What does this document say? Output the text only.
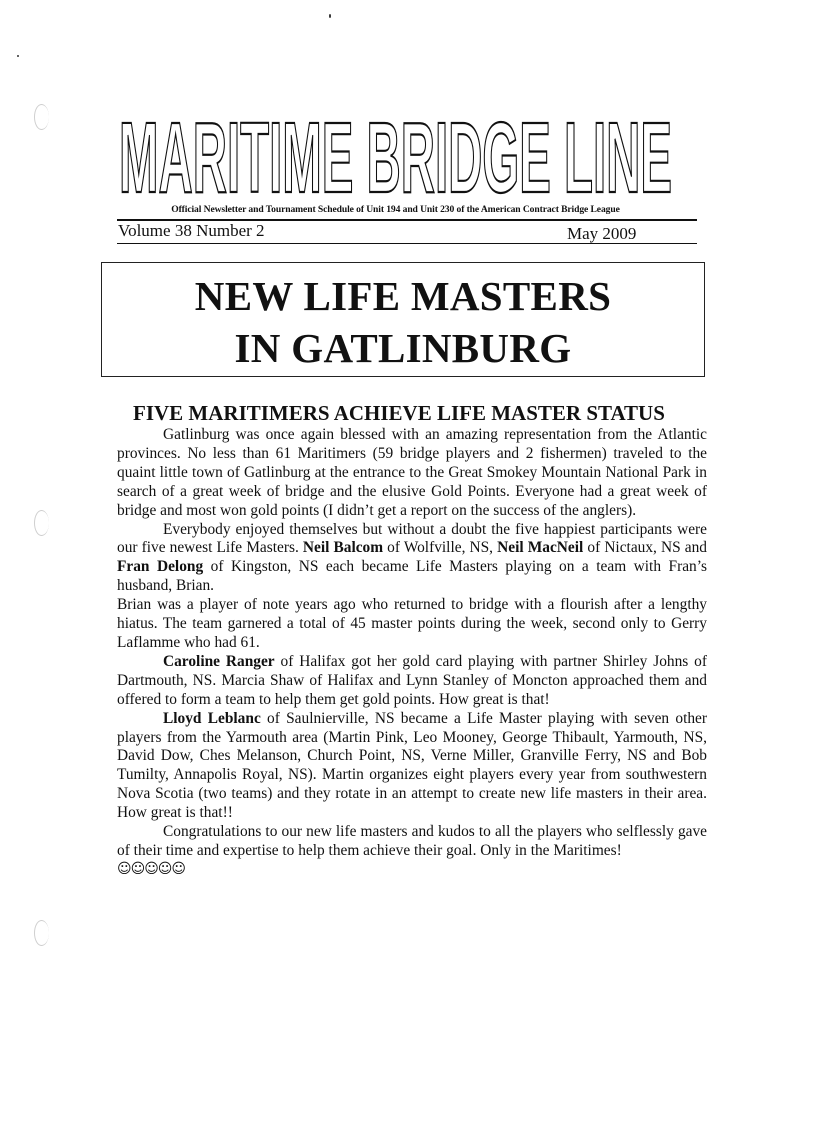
MARITIME BRIDGE LINE
Official Newsletter and Tournament Schedule of Unit 194 and Unit 230 of the American Contract Bridge League
Volume 38 Number 2	May 2009
NEW LIFE MASTERS
IN GATLINBURG
FIVE MARITIMERS ACHIEVE LIFE MASTER STATUS

Gatlinburg was once again blessed with an amazing representation from the Atlantic provinces. No less than 61 Maritimers (59 bridge players and 2 fishermen) traveled to the quaint little town of Gatlinburg at the entrance to the Great Smokey Mountain National Park in search of a great week of bridge and the elusive Gold Points. Everyone had a great week of bridge and most won gold points (I didn’t get a report on the success of the anglers).

Everybody enjoyed themselves but without a doubt the five happiest participants were our five newest Life Masters. Neil Balcom of Wolfville, NS, Neil MacNeil of Nictaux, NS and Fran Delong of Kingston, NS each became Life Masters playing on a team with Fran’s husband, Brian.

Brian was a player of note years ago who returned to bridge with a flourish after a lengthy hiatus. The team garnered a total of 45 master points during the week, second only to Gerry Laflamme who had 61.

Caroline Ranger of Halifax got her gold card playing with partner Shirley Johns of Dartmouth, NS. Marcia Shaw of Halifax and Lynn Stanley of Moncton approached them and offered to form a team to help them get gold points. How great is that!

Lloyd Leblanc of Saulnierville, NS became a Life Master playing with seven other players from the Yarmouth area (Martin Pink, Leo Mooney, George Thibault, Yarmouth, NS, David Dow, Ches Melanson, Church Point, NS, Verne Miller, Granville Ferry, NS and Bob Tumilty, Annapolis Royal, NS). Martin organizes eight players every year from southwestern Nova Scotia (two teams) and they rotate in an attempt to create new life masters in their area. How great is that!!

Congratulations to our new life masters and kudos to all the players who selflessly gave of their time and expertise to help them achieve their goal. Only in the Maritimes!

☺☺☺☺☺
